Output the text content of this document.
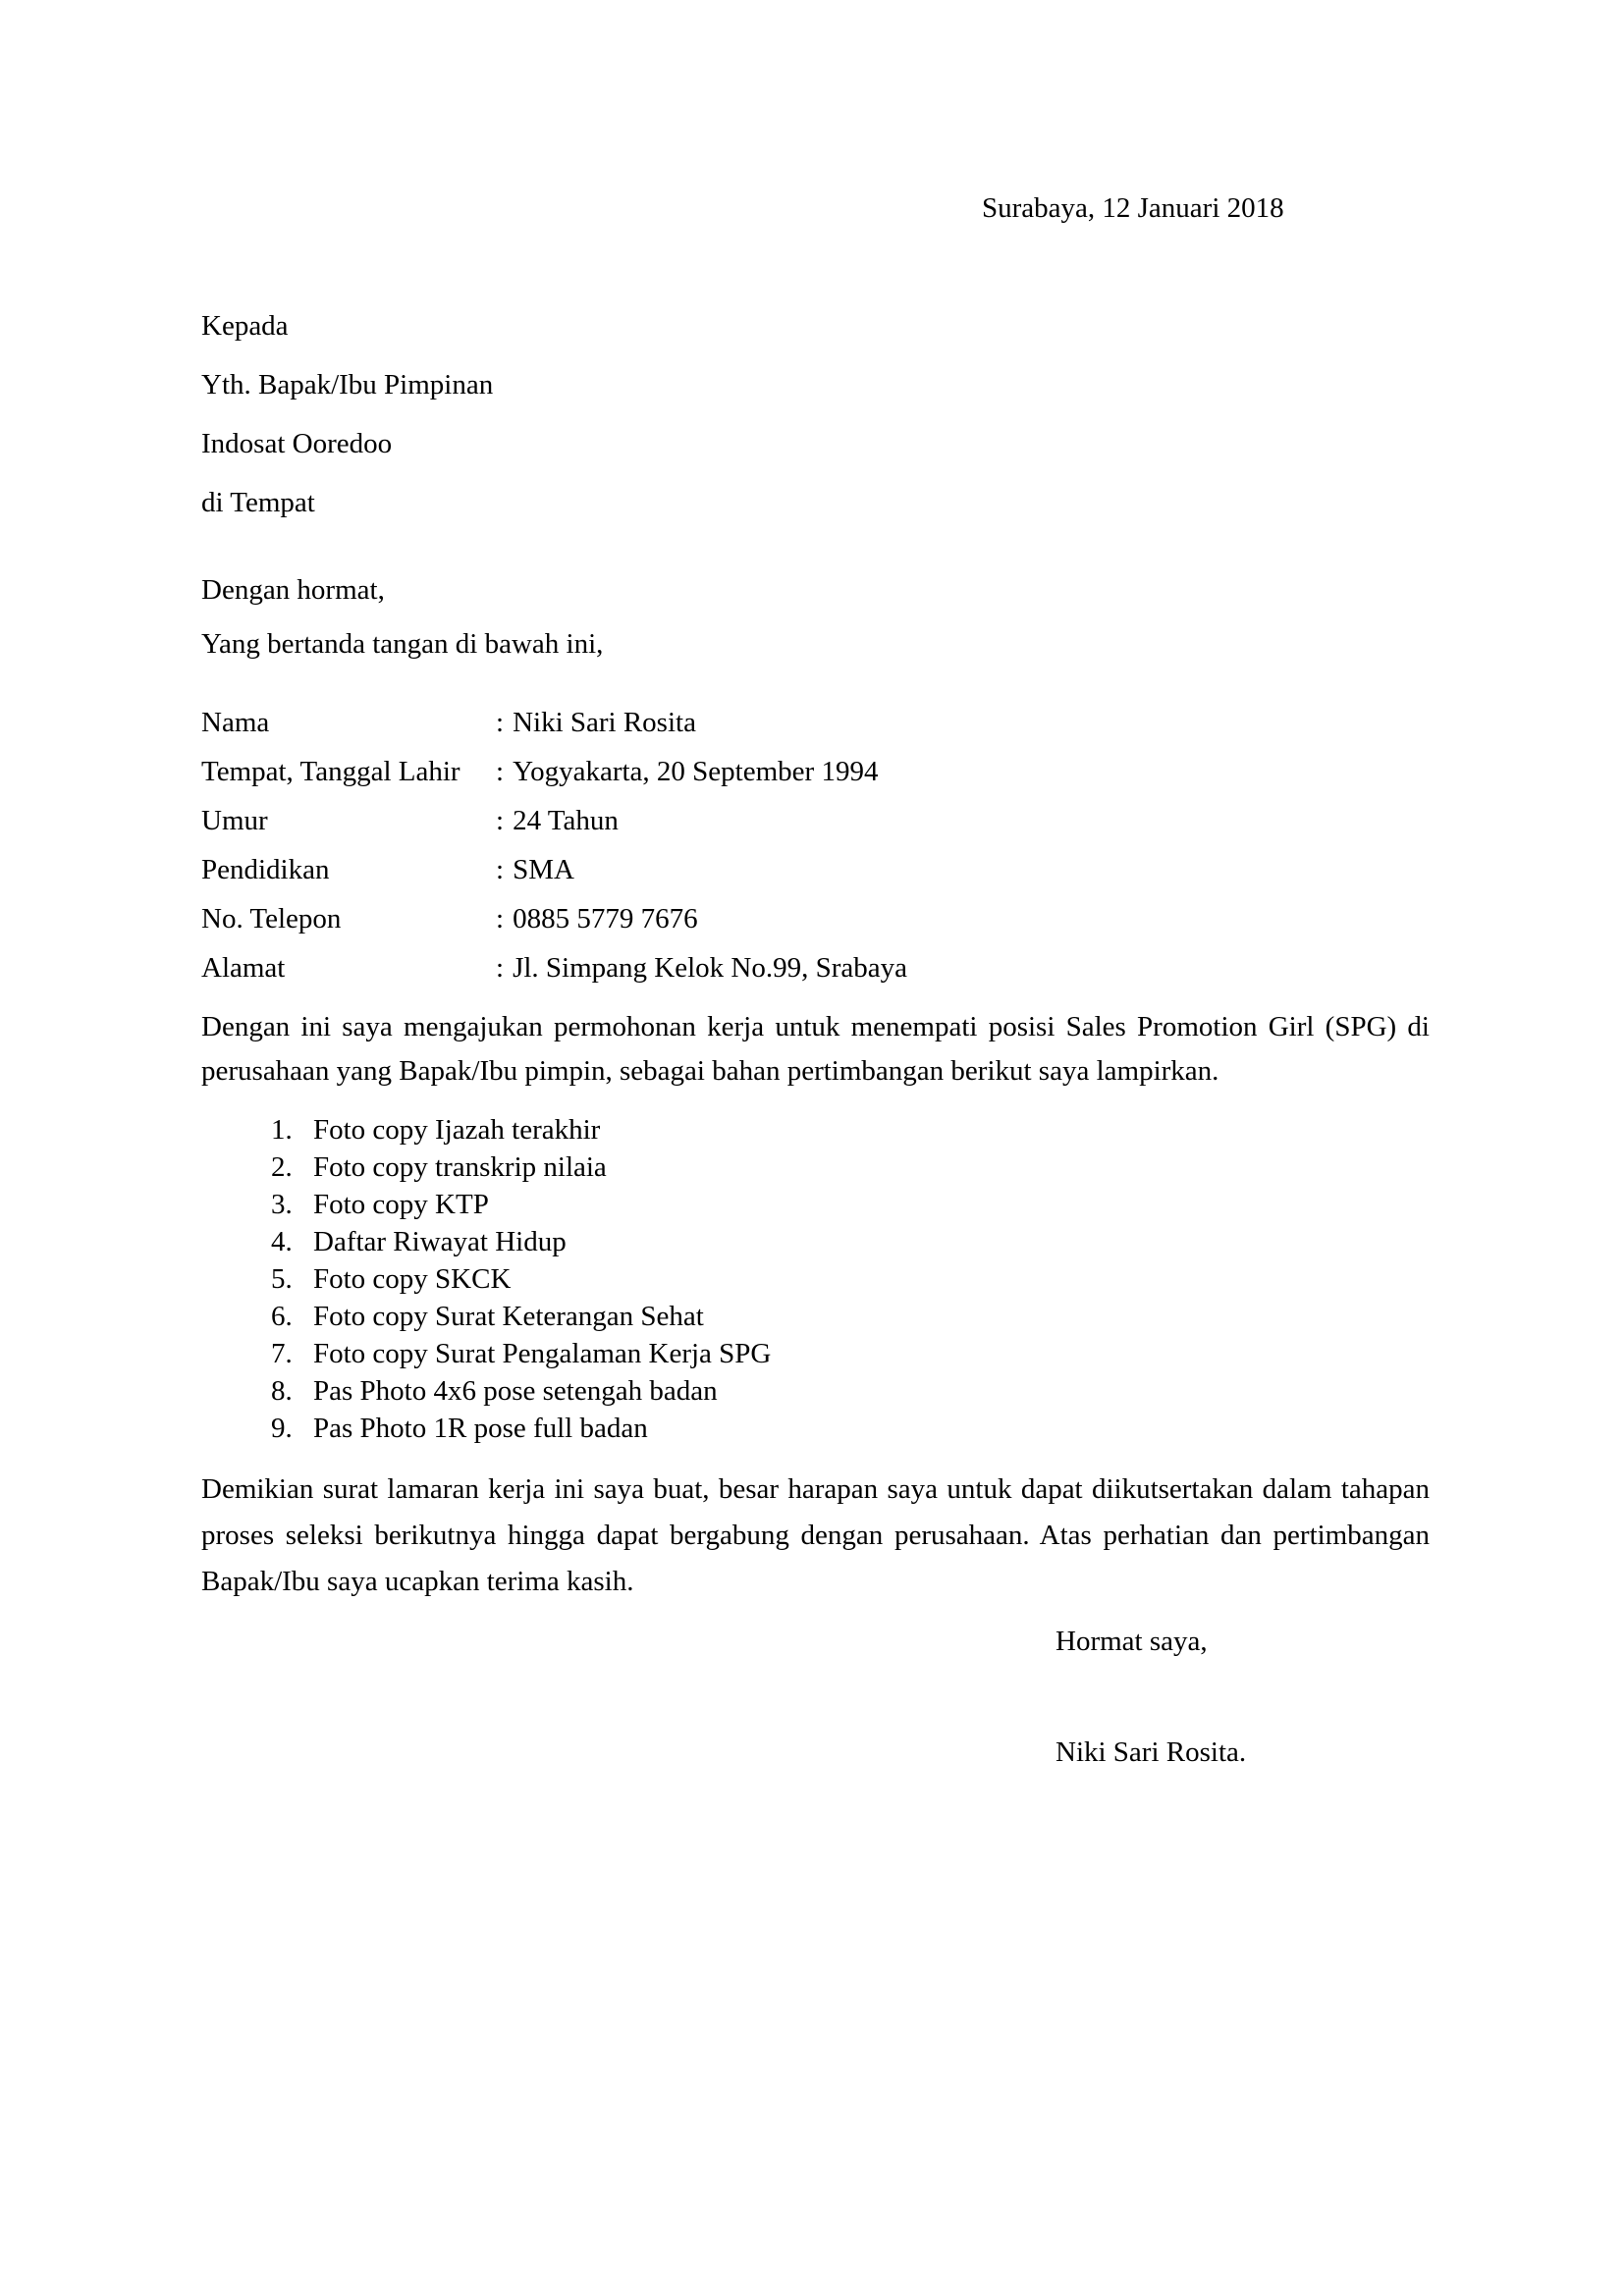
Surabaya, 12 Januari 2018

Kepada

Yth. Bapak/Ibu Pimpinan

Indosat Ooredoo

di Tempat

Dengan hormat,

Yang bertanda tangan di bawah ini,

Nama	: Niki Sari Rosita
Tempat, Tanggal Lahir : Yogyakarta, 20 September 1994
Umur	: 24 Tahun
Pendidikan	: SMA
No. Telepon	: 0885 5779 7676
Alamat	: Jl. Simpang Kelok No.99, Srabaya

Dengan ini saya mengajukan permohonan kerja untuk menempati posisi Sales Promotion Girl (SPG) di perusahaan yang Bapak/Ibu pimpin, sebagai bahan pertimbangan berikut saya lampirkan.

1. Foto copy Ijazah terakhir
2. Foto copy transkrip nilaia
3. Foto copy KTP
4. Daftar Riwayat Hidup
5. Foto copy SKCK
6. Foto copy Surat Keterangan Sehat
7. Foto copy Surat Pengalaman Kerja SPG
8. Pas Photo 4x6 pose setengah badan
9. Pas Photo 1R pose full badan

Demikian surat lamaran kerja ini saya buat, besar harapan saya untuk dapat diikutsertakan dalam tahapan proses seleksi berikutnya hingga dapat bergabung dengan perusahaan. Atas perhatian dan pertimbangan Bapak/Ibu saya ucapkan terima kasih.

Hormat saya,

Niki Sari Rosita.
